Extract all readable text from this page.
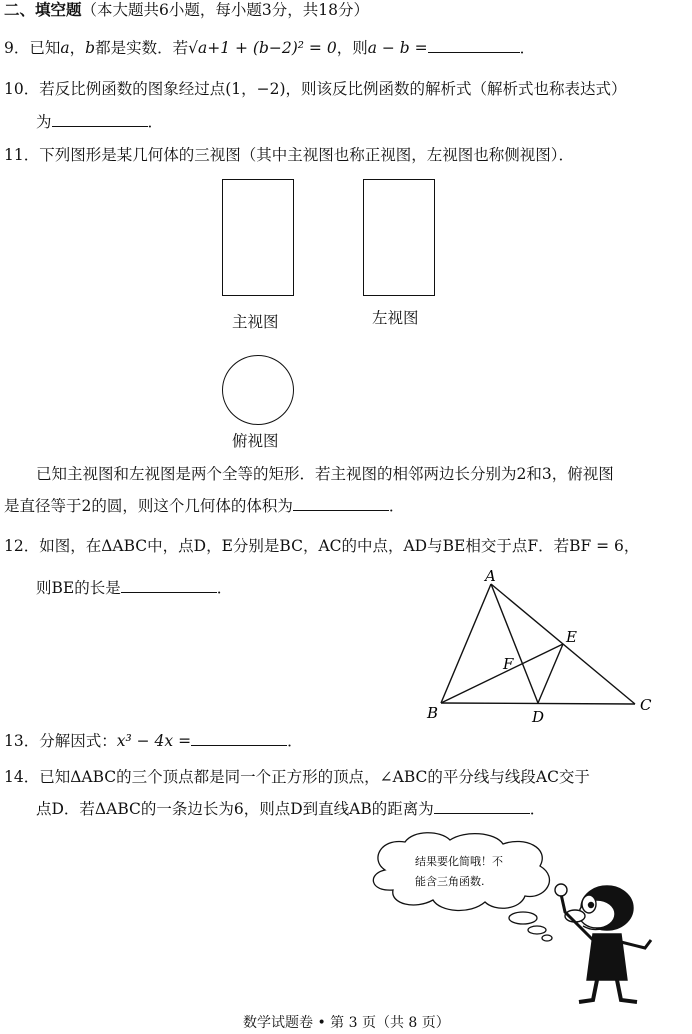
二、填空题（本大题共6小题，每小题3分，共18分）
9．已知a，b都是实数．若√a+1 + (b−2)² = 0，则a − b =	．
10．若反比例函数的图象经过点(1，−2)，则该反比例函数的解析式（解析式也称表达式）
为	．
11．下列图形是某几何体的三视图（其中主视图也称正视图，左视图也称侧视图）．
主视图	左视图
俯视图
已知主视图和左视图是两个全等的矩形．若主视图的相邻两边长分别为2和3，俯视图
是直径等于2的圆，则这个几何体的体积为	．
12．如图，在ΔABC中，点D，E分别是BC，AC的中点，AD与BE相交于点F．若BF = 6，
则BE的长是	．
A
B	C
D
E
F
13．分解因式：x³ − 4x =	．
14．已知ΔABC的三个顶点都是同一个正方形的顶点，∠ABC的平分线与线段AC交于
点D．若ΔABC的一条边长为6，则点D到直线AB的距离为	．
结果要化简哦！不
能含三角函数.
数学试题卷 • 第 3 页（共 8 页）
